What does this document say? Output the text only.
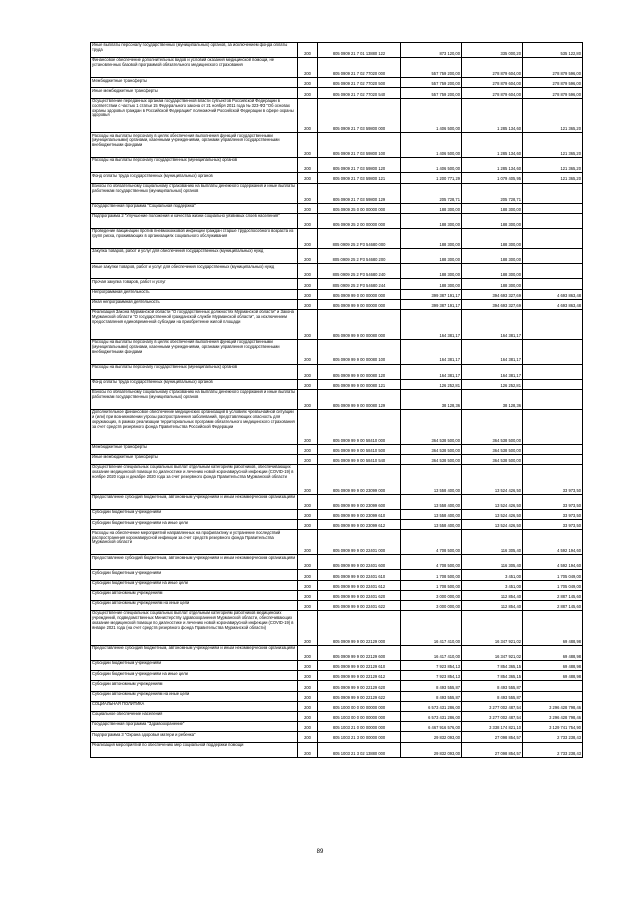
Иные выплаты персоналу государственных (муниципальных) органов, за исключением фонда оплаты труда	200	805 0909 21 7 01 13880 122	873 120,00	335 000,20	535 122,80
Финансовое обеспечение дополнительных видов и условий оказания медицинской помощи, не установленных базовой программой обязательного медицинского страхования	200	805 0909 21 7 02 77020 000	557 759 200,00	278 879 604,00	278 879 596,00
Межбюджетные трансферты	200	805 0909 21 7 02 77020 500	557 759 200,00	278 879 604,00	278 879 596,00
Иные межбюджетные трансферты	200	805 0909 21 7 02 77020 540	557 759 200,00	278 879 604,00	278 879 596,00
Осуществление переданных органам государственной власти субъектов Российской Федерации в соответствии с частью 1 статьи 15 Федерального закона от 21 ноября 2011 года № 323-ФЗ "Об основах охраны здоровья граждан в Российской Федерации" полномочий Российской Федерации в сфере охраны здоровья	200	805 0909 21 7 03 59800 000	1 406 500,00	1 285 134,60	121 365,20
Расходы на выплаты персоналу в целях обеспечения выполнения функций государственными (муниципальными) органами, казенными учреждениями, органами управления государственными внебюджетными фондами	200	805 0909 21 7 03 59800 100	1 406 500,00	1 285 134,60	121 365,20
Расходы на выплаты персоналу государственных (муниципальных) органов	200	805 0909 21 7 03 59800 120	1 406 500,00	1 285 134,60	121 365,20
Фонд оплаты труда государственных (муниципальных) органов	200	805 0909 21 7 03 59800 121	1 200 771,29	1 079 405,95	121 365,20
Взносы по обязательному социальному страхованию на выплаты денежного содержания и иные выплаты работникам государственных (муниципальных) органов	200	805 0909 21 7 03 59800 129	205 728,71	205 728,71	
Государственная программа "Социальная поддержка"	200	805 0909 25 0 00 00000 000	188 300,00	188 300,00	
Подпрограмма 2 "Улучшение положения и качества жизни социально уязвимых слоев населения"	200	805 0909 25 2 00 00000 000	188 300,00	188 300,00	
Проведение вакцинации против пневмококковой инфекции граждан старше трудоспособного возраста из групп риска, проживающих в организациях социального обслуживания	200	805 0909 25 2 P3 54680 000	188 300,00	188 300,00	
Закупка товаров, работ и услуг для обеспечения государственных (муниципальных) нужд	200	805 0909 25 2 P3 54680 200	188 300,00	188 300,00	
Иные закупки товаров, работ и услуг для обеспечения государственных (муниципальных) нужд	200	805 0909 25 2 P3 54680 240	188 300,00	188 300,00	
Прочая закупка товаров, работ и услуг	200	805 0909 25 2 P3 54680 244	188 300,00	188 300,00	
Непрограммная деятельность	200	805 0909 99 0 00 00000 000	399 387 191,17	394 693 327,69	4 693 863,48
Иная непрограммная деятельность	200	805 0909 99 9 00 00000 000	399 387 191,17	394 693 327,69	4 693 863,48
Реализация Закона Мурманской области "О государственных должностях Мурманской области" и Закона Мурманской области "О государственной гражданской службе Мурманской области", за исключением предоставления единовременной субсидии на приобретение жилой площади	200	805 0909 99 9 00 00080 000	164 381,17	164 381,17	
Расходы на выплаты персоналу в целях обеспечения выполнения функций государственными (муниципальными) органами, казенными учреждениями, органами управления государственными внебюджетными фондами	200	805 0909 99 9 00 00080 100	164 381,17	164 381,17	
Расходы на выплаты персоналу государственных (муниципальных) органов	200	805 0909 99 9 00 00080 120	164 381,17	164 381,17	
Фонд оплаты труда государственных (муниципальных) органов	200	805 0909 99 9 00 00080 121	126 252,81	126 252,81	
Взносы по обязательному социальному страхованию на выплаты денежного содержания и иные выплаты работникам государственных (муниципальных) органов	200	805 0909 99 9 00 00080 129	38 128,36	38 128,36	
Дополнительное финансовое обеспечение медицинских организаций в условиях чрезвычайной ситуации и (или) при возникновении угрозы распространения заболеваний, представляющих опасность для окружающих, в рамках реализации территориальных программ обязательного медицинского страхования за счет средств резервного фонда Правительства Российской Федерации	200	805 0909 99 9 00 58410 000	364 538 500,00	364 538 500,00	
Межбюджетные трансферты	200	805 0909 99 9 00 58410 500	364 538 500,00	364 538 500,00	
Иные межбюджетные трансферты	200	805 0909 99 9 00 58410 540	364 538 500,00	364 538 500,00	
Осуществление специальных социальных выплат отдельным категориям работников, обеспечивающих оказание медицинской помощи по диагностике и лечению новой коронавирусной инфекции (COVID-19) в ноябре 2020 года и декабре 2020 года за счет резервного фонда Правительства Мурманской области	200	805 0909 99 9 00 23099 000	13 558 400,00	13 524 426,50	33 973,50
Предоставление субсидий бюджетным, автономным учреждениям и иным некоммерческим организациям	200	805 0909 99 9 00 23099 600	13 558 400,00	13 524 426,50	33 973,50
Субсидии бюджетным учреждениям	200	805 0909 99 9 00 23099 610	13 558 400,00	13 524 426,50	33 973,50
Субсидии бюджетным учреждениям на иные цели	200	805 0909 99 9 00 23099 612	13 558 400,00	13 524 426,50	33 973,50
Расходы на обеспечение мероприятий направленных на профилактику и устранение последствий распространения коронавирусной инфекции за счет средств резервного фонда Правительства Мурманской области	200	805 0909 99 9 00 22401 000	4 708 500,00	116 305,40	4 592 194,60
Предоставление субсидий бюджетным, автономным учреждениям и иным некоммерческим организациям	200	805 0909 99 9 00 22401 600	4 708 500,00	116 305,40	4 592 194,60
Субсидии бюджетным учреждениям	200	805 0909 99 9 00 22401 610	1 708 500,00	3 451,00	1 705 049,00
Субсидии бюджетным учреждениям на иные цели	200	805 0909 99 9 00 22401 612	1 708 500,00	3 451,00	1 705 049,00
Субсидии автономным учреждениям	200	805 0909 99 9 00 22401 620	3 000 000,00	112 854,40	2 887 145,60
Субсидии автономным учреждениям на иные цели	200	805 0909 99 9 00 22401 622	3 000 000,00	112 854,40	2 887 145,60
Осуществление специальных социальных выплат отдельным категориям работников медицинских учреждений, подведомственных Министерству здравоохранения Мурманской области, обеспечивающих оказание медицинской помощи по диагностике и лечению новой коронавирусной инфекции (COVID-19) в январе 2021 года (на счет средств резервного фонда Правительства Мурманской области)	200	805 0909 99 9 00 22129 000	16 417 410,00	16 347 921,02	69 488,98
Предоставление субсидий бюджетным, автономным учреждениям и иным некоммерческим организациям	200	805 0909 99 9 00 22129 600	16 417 410,00	16 347 921,02	69 488,98
Субсидии бюджетным учреждениям	200	805 0909 99 9 00 22129 610	7 923 854,13	7 854 365,15	69 488,98
Субсидии бюджетным учреждениям на иные цели	200	805 0909 99 9 00 22129 612	7 923 854,13	7 854 365,15	69 488,98
Субсидии автономным учреждениям	200	805 0909 99 9 00 22129 620	8 493 555,87	8 493 555,87	
Субсидии автономным учреждениям на иные цели	200	805 0909 99 9 00 22129 622	8 493 555,87	8 493 555,87	
СОЦИАЛЬНАЯ ПОЛИТИКА	200	805 1000 00 0 00 00000 000	6 573 431 286,00	3 277 002 487,54	3 296 428 798,46
Социальное обеспечение населения	200	805 1003 00 0 00 00000 000	6 573 431 286,00	3 277 002 487,54	3 296 428 798,46
Государственная программа "Здравоохранение"	200	805 1003 21 0 00 00000 000	6 467 916 576,00	3 338 174 821,10	3 129 741 754,90
Подпрограмма 3 "Охрана здоровья матери и ребенка"	200	805 1003 21 3 00 00000 000	29 832 093,00	27 098 854,57	2 733 238,43
Реализация мероприятий по обеспечению мер социальной поддержки помощи	200	805 1003 21 3 02 13880 000	29 832 093,00	27 098 854,57	2 733 238,43
89
